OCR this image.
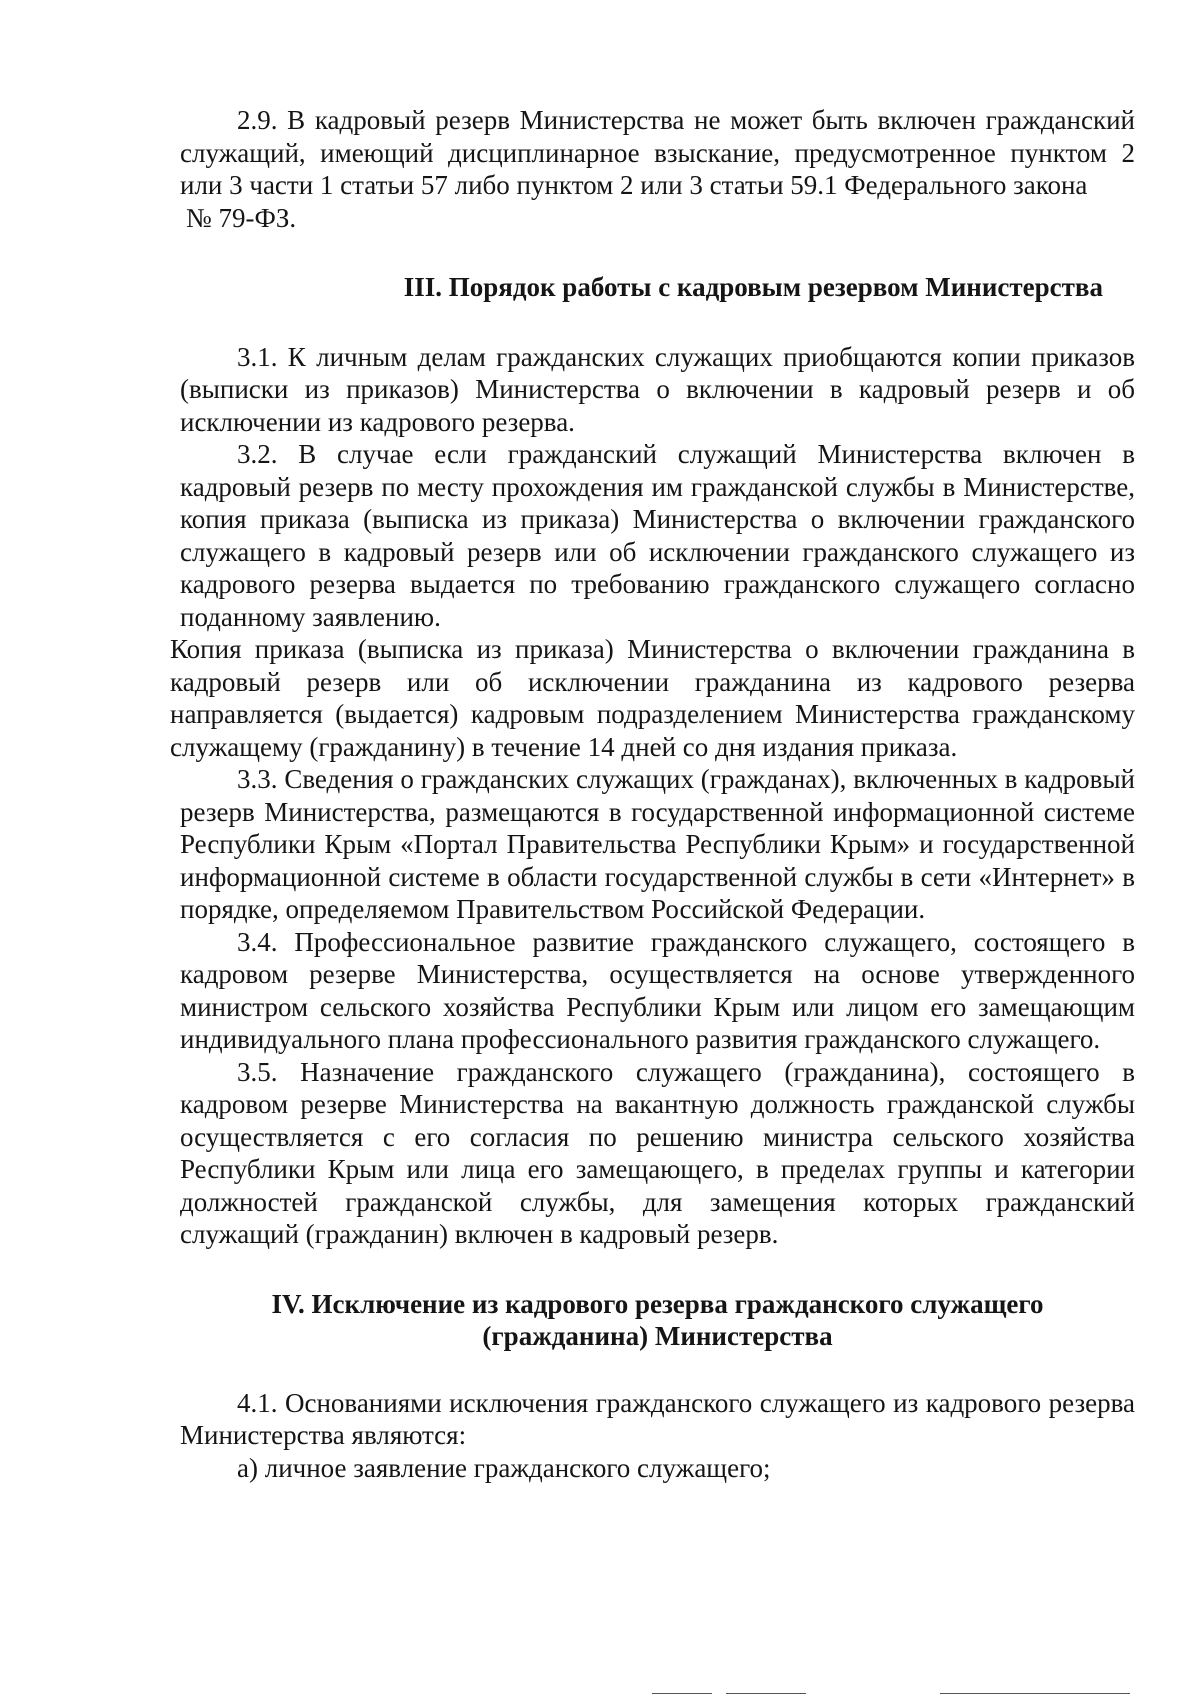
2.9. В кадровый резерв Министерства не может быть включен гражданский служащий, имеющий дисциплинарное взыскание, предусмотренное пунктом 2 или 3 части 1 статьи 57 либо пунктом 2 или 3 статьи 59.1 Федерального закона

№ 79-ФЗ.

III. Порядок работы с кадровым резервом Министерства

3.1. К личным делам гражданских служащих приобщаются копии приказов (выписки из приказов) Министерства о включении в кадровый резерв и об исключении из кадрового резерва.

3.2. В случае если гражданский служащий Министерства включен в кадровый резерв по месту прохождения им гражданской службы в Министерстве, копия приказа (выписка из приказа) Министерства о включении гражданского служащего в кадровый резерв или об исключении гражданского служащего из кадрового резерва выдается по требованию гражданского служащего согласно поданному заявлению.

Копия приказа (выписка из приказа) Министерства о включении гражданина в кадровый резерв или об исключении гражданина из кадрового резерва направляется (выдается) кадровым подразделением Министерства гражданскому служащему (гражданину) в течение 14 дней со дня издания приказа.

3.3. Сведения о гражданских служащих (гражданах), включенных в кадровый резерв Министерства, размещаются в государственной информационной системе Республики Крым «Портал Правительства Республики Крым» и государственной информационной системе в области государственной службы в сети «Интернет» в порядке, определяемом Правительством Российской Федерации.

3.4. Профессиональное развитие гражданского служащего, состоящего в кадровом резерве Министерства, осуществляется на основе утвержденного министром сельского хозяйства Республики Крым или лицом его замещающим индивидуального плана профессионального развития гражданского служащего.

3.5. Назначение гражданского служащего (гражданина), состоящего в кадровом резерве Министерства на вакантную должность гражданской службы осуществляется с его согласия по решению министра сельского хозяйства Республики Крым или лица его замещающего, в пределах группы и категории должностей гражданской службы, для замещения которых гражданский служащий (гражданин) включен в кадровый резерв.

IV. Исключение из кадрового резерва гражданского служащего
(гражданина) Министерства

4.1. Основаниями исключения гражданского служащего из кадрового резерва Министерства являются:

а) личное заявление гражданского служащего;
